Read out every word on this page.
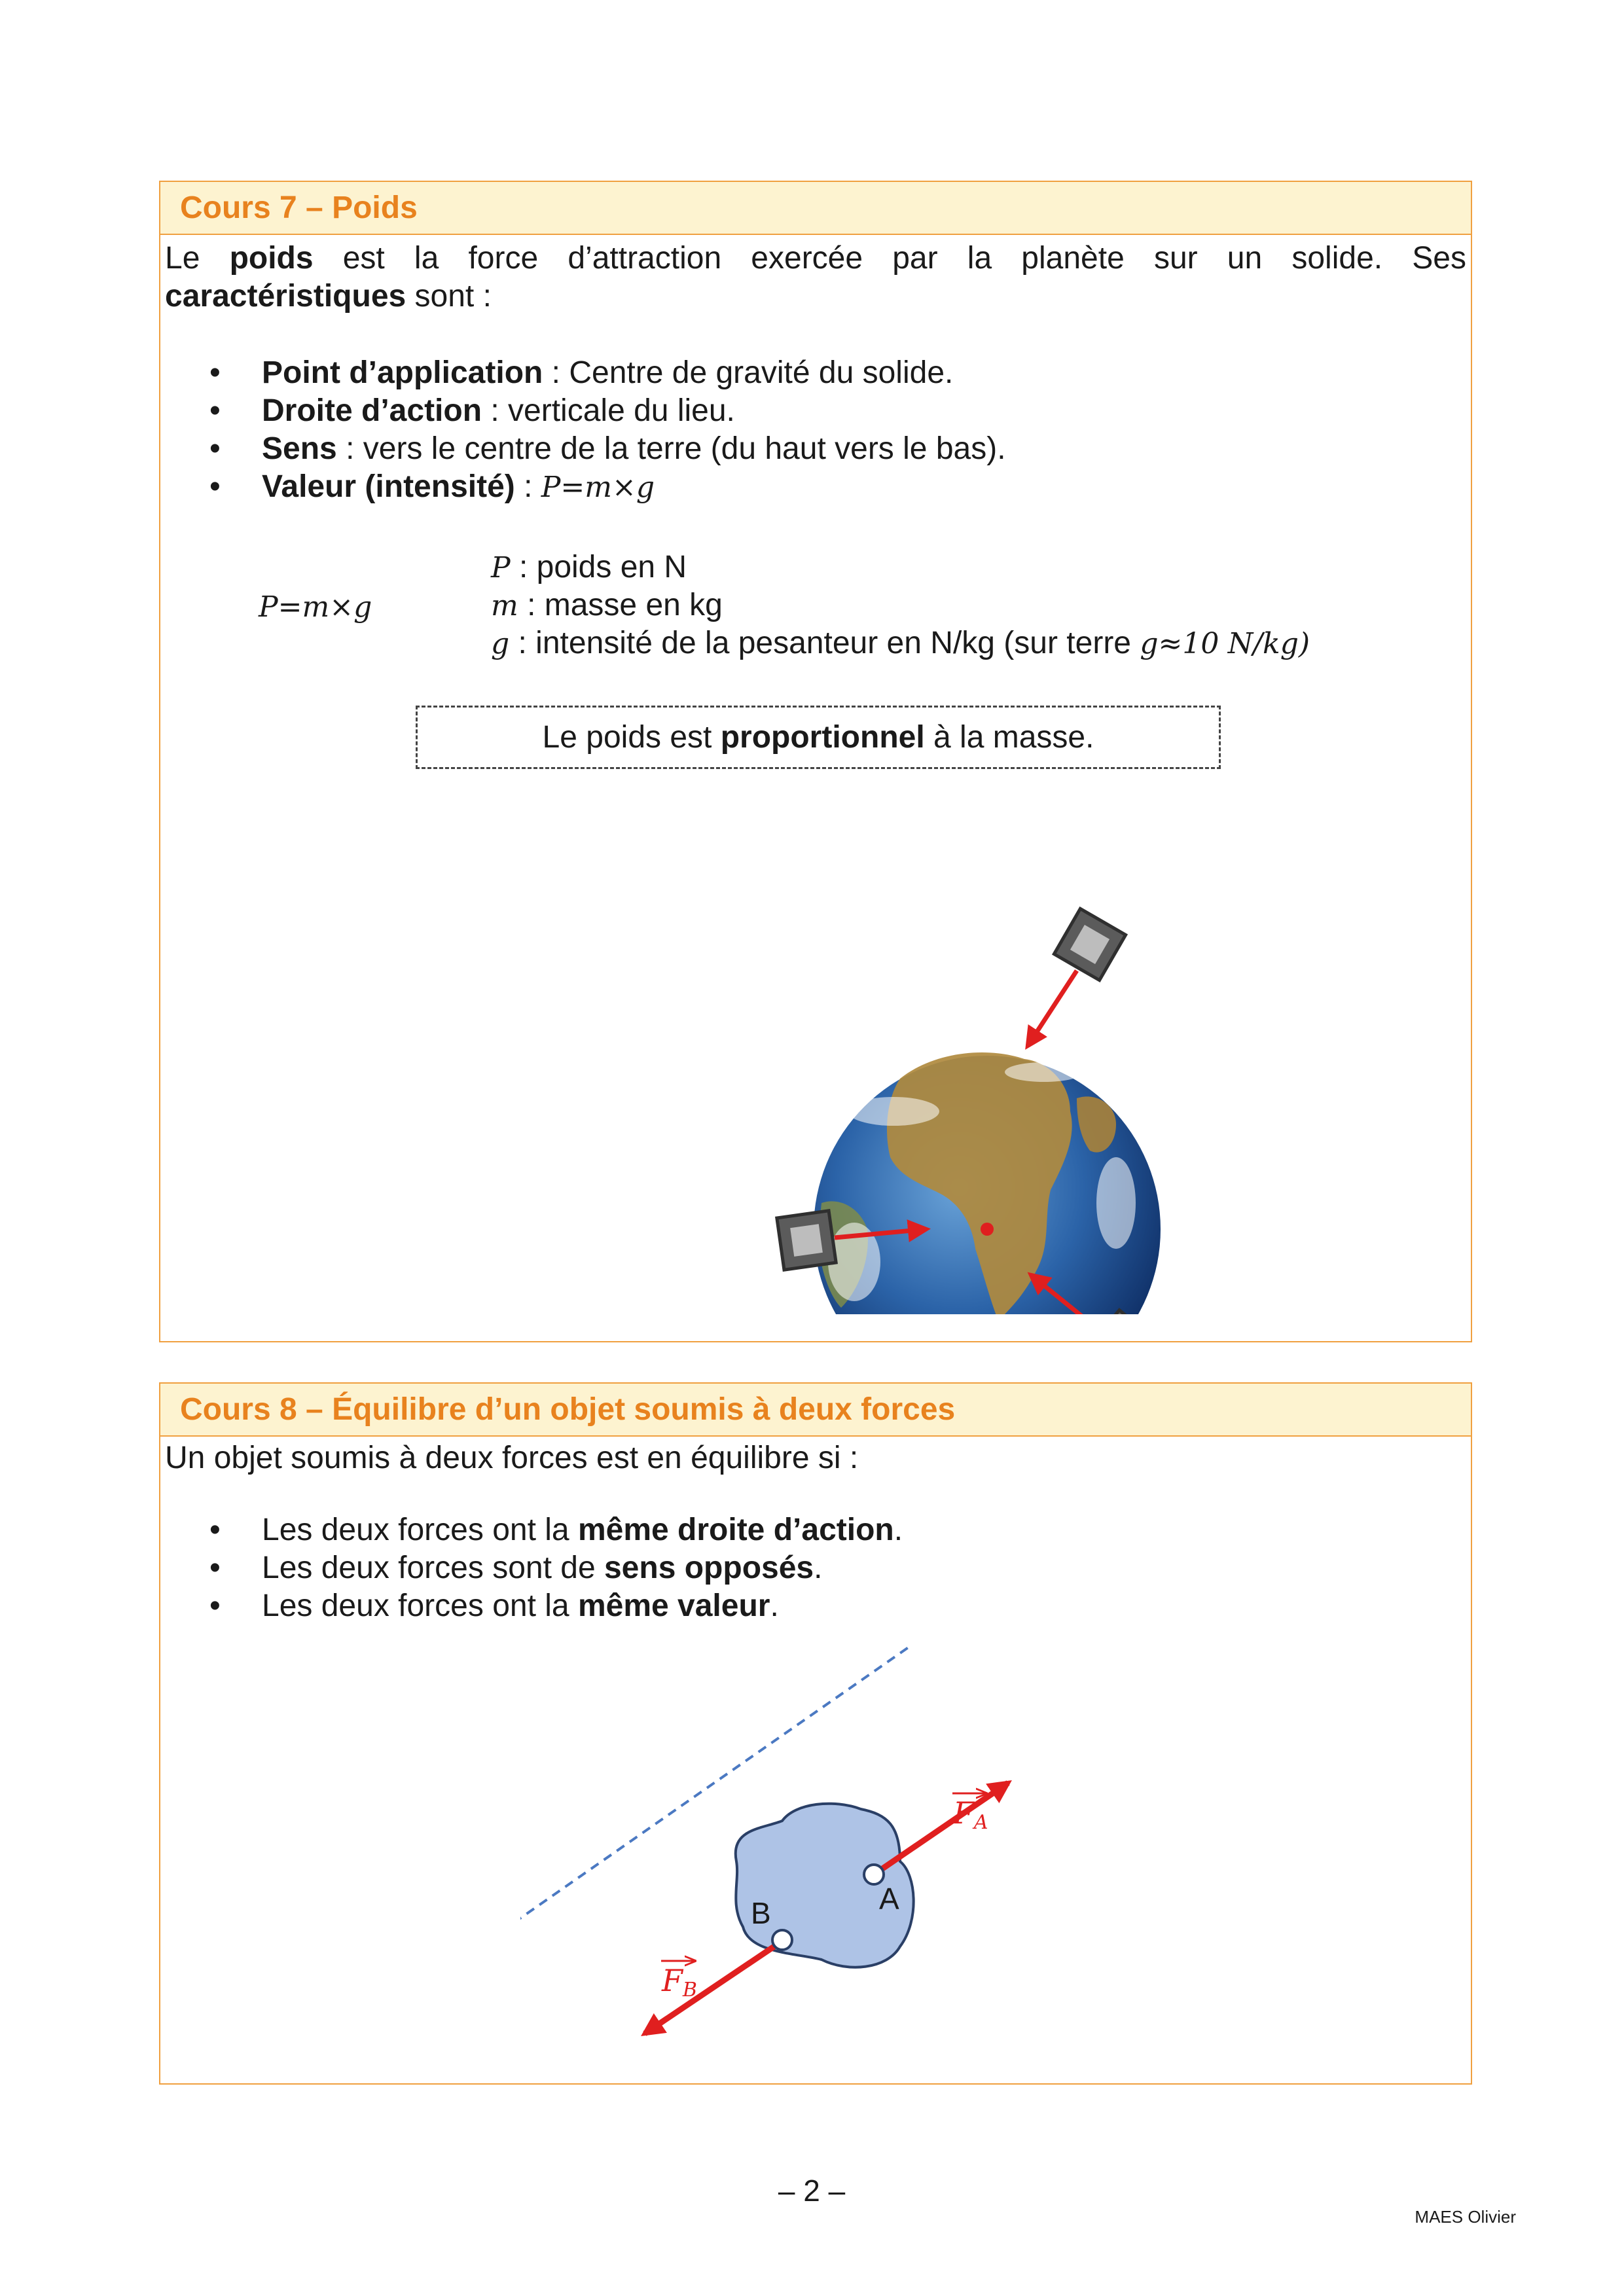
Cours 7 – Poids
Le poids est la force d’attraction exercée par la planète sur un solide. Ses
caractéristiques sont :
• Point d’application : Centre de gravité du solide.
• Droite d’action : verticale du lieu.
• Sens : vers le centre de la terre (du haut vers le bas).
• Valeur (intensité) : P=m×g
P=m×g
P : poids en N
m : masse en kg
g : intensité de la pesanteur en N/kg (sur terre g≈10 N/kg)
Le poids est proportionnel à la masse.
Cours 8 – Équilibre d’un objet soumis à deux forces
Un objet soumis à deux forces est en équilibre si :
• Les deux forces ont la même droite d’action.
• Les deux forces sont de sens opposés.
• Les deux forces ont la même valeur.
A
B
FA
FB
– 2 –
MAES Olivier
